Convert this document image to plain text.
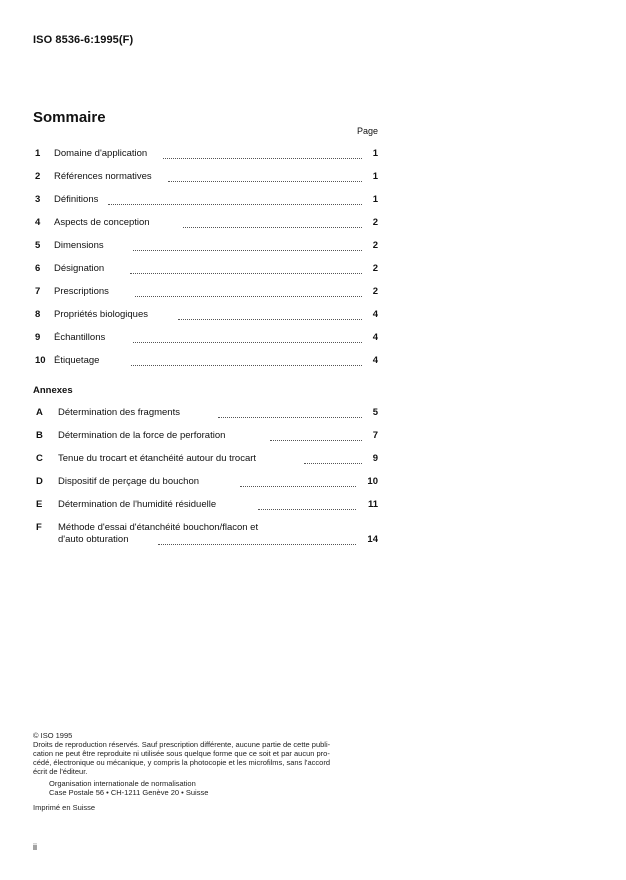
ISO 8536-6:1995(F)
Sommaire
Page
1 Domaine d'application	1
2 Références normatives	1
3 Définitions	1
4 Aspects de conception	2
5 Dimensions	2
6 Désignation	2
7 Prescriptions	2
8 Propriétés biologiques	4
9 Échantillons	4
10 Étiquetage	4
Annexes
A Détermination des fragments	5
B Détermination de la force de perforation	7
C Tenue du trocart et étanchéité autour du trocart	9
D Dispositif de perçage du bouchon	10
E Détermination de l'humidité résiduelle	11
F Méthode d'essai d'étanchéité bouchon/flacon et
d'auto obturation	14
© ISO 1995
Droits de reproduction réservés. Sauf prescription différente, aucune partie de cette publi-
cation ne peut être reproduite ni utilisée sous quelque forme que ce soit et par aucun pro-
cédé, électronique ou mécanique, y compris la photocopie et les microfilms, sans l'accord
écrit de l'éditeur.
Organisation internationale de normalisation
Case Postale 56 • CH-1211 Genève 20 • Suisse
Imprimé en Suisse
ii
